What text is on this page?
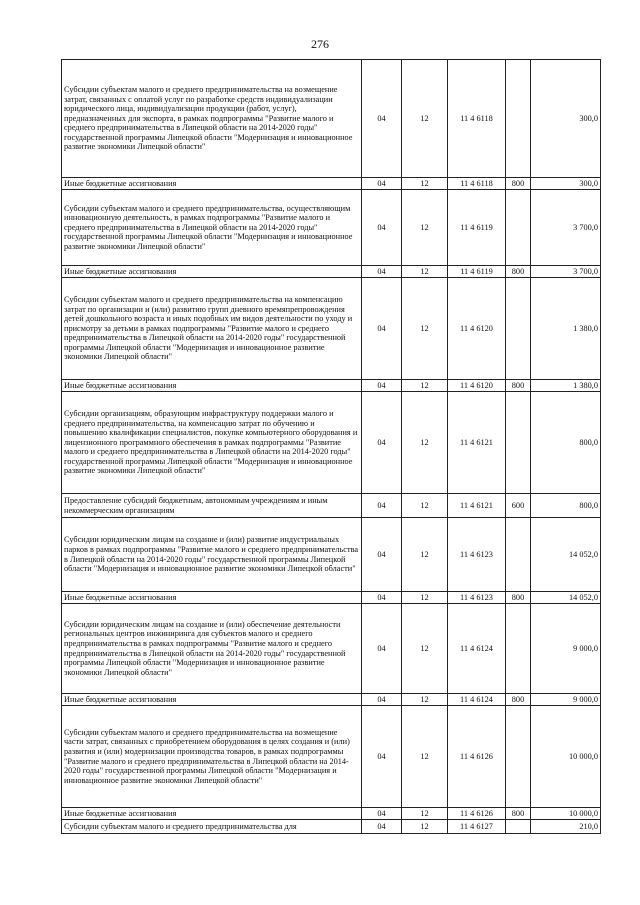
276
Субсидии субъектам малого и среднего предпринимательства на возмещение затрат, связанных с оплатой услуг по разработке средств индивидуализации юридического лица, индивидуализации продукции (работ, услуг), предназначенных для экспорта, в рамках подпрограммы "Развитие малого и среднего предпринимательства в Липецкой области на 2014-2020 годы" государственной программы Липецкой области "Модернизация и инновационное развитие экономики Липецкой области"	04	12	11 4 6118		300,0
Иные бюджетные ассигнования	04	12	11 4 6118	800	300,0
Субсидии субъектам малого и среднего предпринимательства, осуществляющим инновационную деятельность, в рамках подпрограммы "Развитие малого и среднего предпринимательства в Липецкой области на 2014-2020 годы" государственной программы Липецкой области "Модернизация и инновационное развитие экономики Липецкой области"	04	12	11 4 6119		3 700,0
Иные бюджетные ассигнования	04	12	11 4 6119	800	3 700,0
Субсидии субъектам малого и среднего предпринимательства на компенсацию затрат по организации и (или) развитию групп дневного времяпрепровождения детей дошкольного возраста и иных подобных им видов деятельности по уходу и присмотру за детьми в рамках подпрограммы "Развитие малого и среднего предпринимательства в Липецкой области на 2014-2020 годы" государственной программы Липецкой области "Модернизация и инновационное развитие экономики Липецкой области"	04	12	11 4 6120		1 380,0
Иные бюджетные ассигнования	04	12	11 4 6120	800	1 380,0
Субсидии организациям, образующим инфраструктуру поддержки малого и среднего предпринимательства, на компенсацию затрат по обучению и повышению квалификации специалистов, покупке компьютерного оборудования и лицензионного программного обеспечения в рамках подпрограммы "Развитие малого и среднего предпринимательства в Липецкой области на 2014-2020 годы" государственной программы Липецкой области "Модернизация и инновационное развитие экономики Липецкой области"	04	12	11 4 6121		800,0
Предоставление субсидий бюджетным, автономным учреждениям и иным некоммерческим организациям	04	12	11 4 6121	600	800,0
Субсидии юридическим лицам на создание и (или) развитие индустриальных парков в рамках подпрограммы "Развитие малого и среднего предпринимательства в Липецкой области на 2014-2020 годы" государственной программы Липецкой области "Модернизация и инновационное развитие экономики Липецкой области"	04	12	11 4 6123		14 052,0
Иные бюджетные ассигнования	04	12	11 4 6123	800	14 052,0
Субсидии юридическим лицам на создание и (или) обеспечение деятельности региональных центров инжиниринга для субъектов малого и среднего предпринимательства в рамках подпрограммы "Развитие малого и среднего предпринимательства в Липецкой области на 2014-2020 годы" государственной программы Липецкой области "Модернизация и инновационное развитие экономики Липецкой области"	04	12	11 4 6124		9 000,0
Иные бюджетные ассигнования	04	12	11 4 6124	800	9 000,0
Субсидии субъектам малого и среднего предпринимательства на возмещение части затрат, связанных с приобретением оборудования в целях создания и (или) развития и (или) модернизации производства товаров, в рамках подпрограммы "Развитие малого и среднего предпринимательства в Липецкой области на 2014-2020 годы" государственной программы Липецкой области "Модернизация и инновационное развитие экономики Липецкой области"	04	12	11 4 6126		10 000,0
Иные бюджетные ассигнования	04	12	11 4 6126	800	10 000,0
Субсидии субъектам малого и среднего предпринимательства для	04	12	11 4 6127		210,0
